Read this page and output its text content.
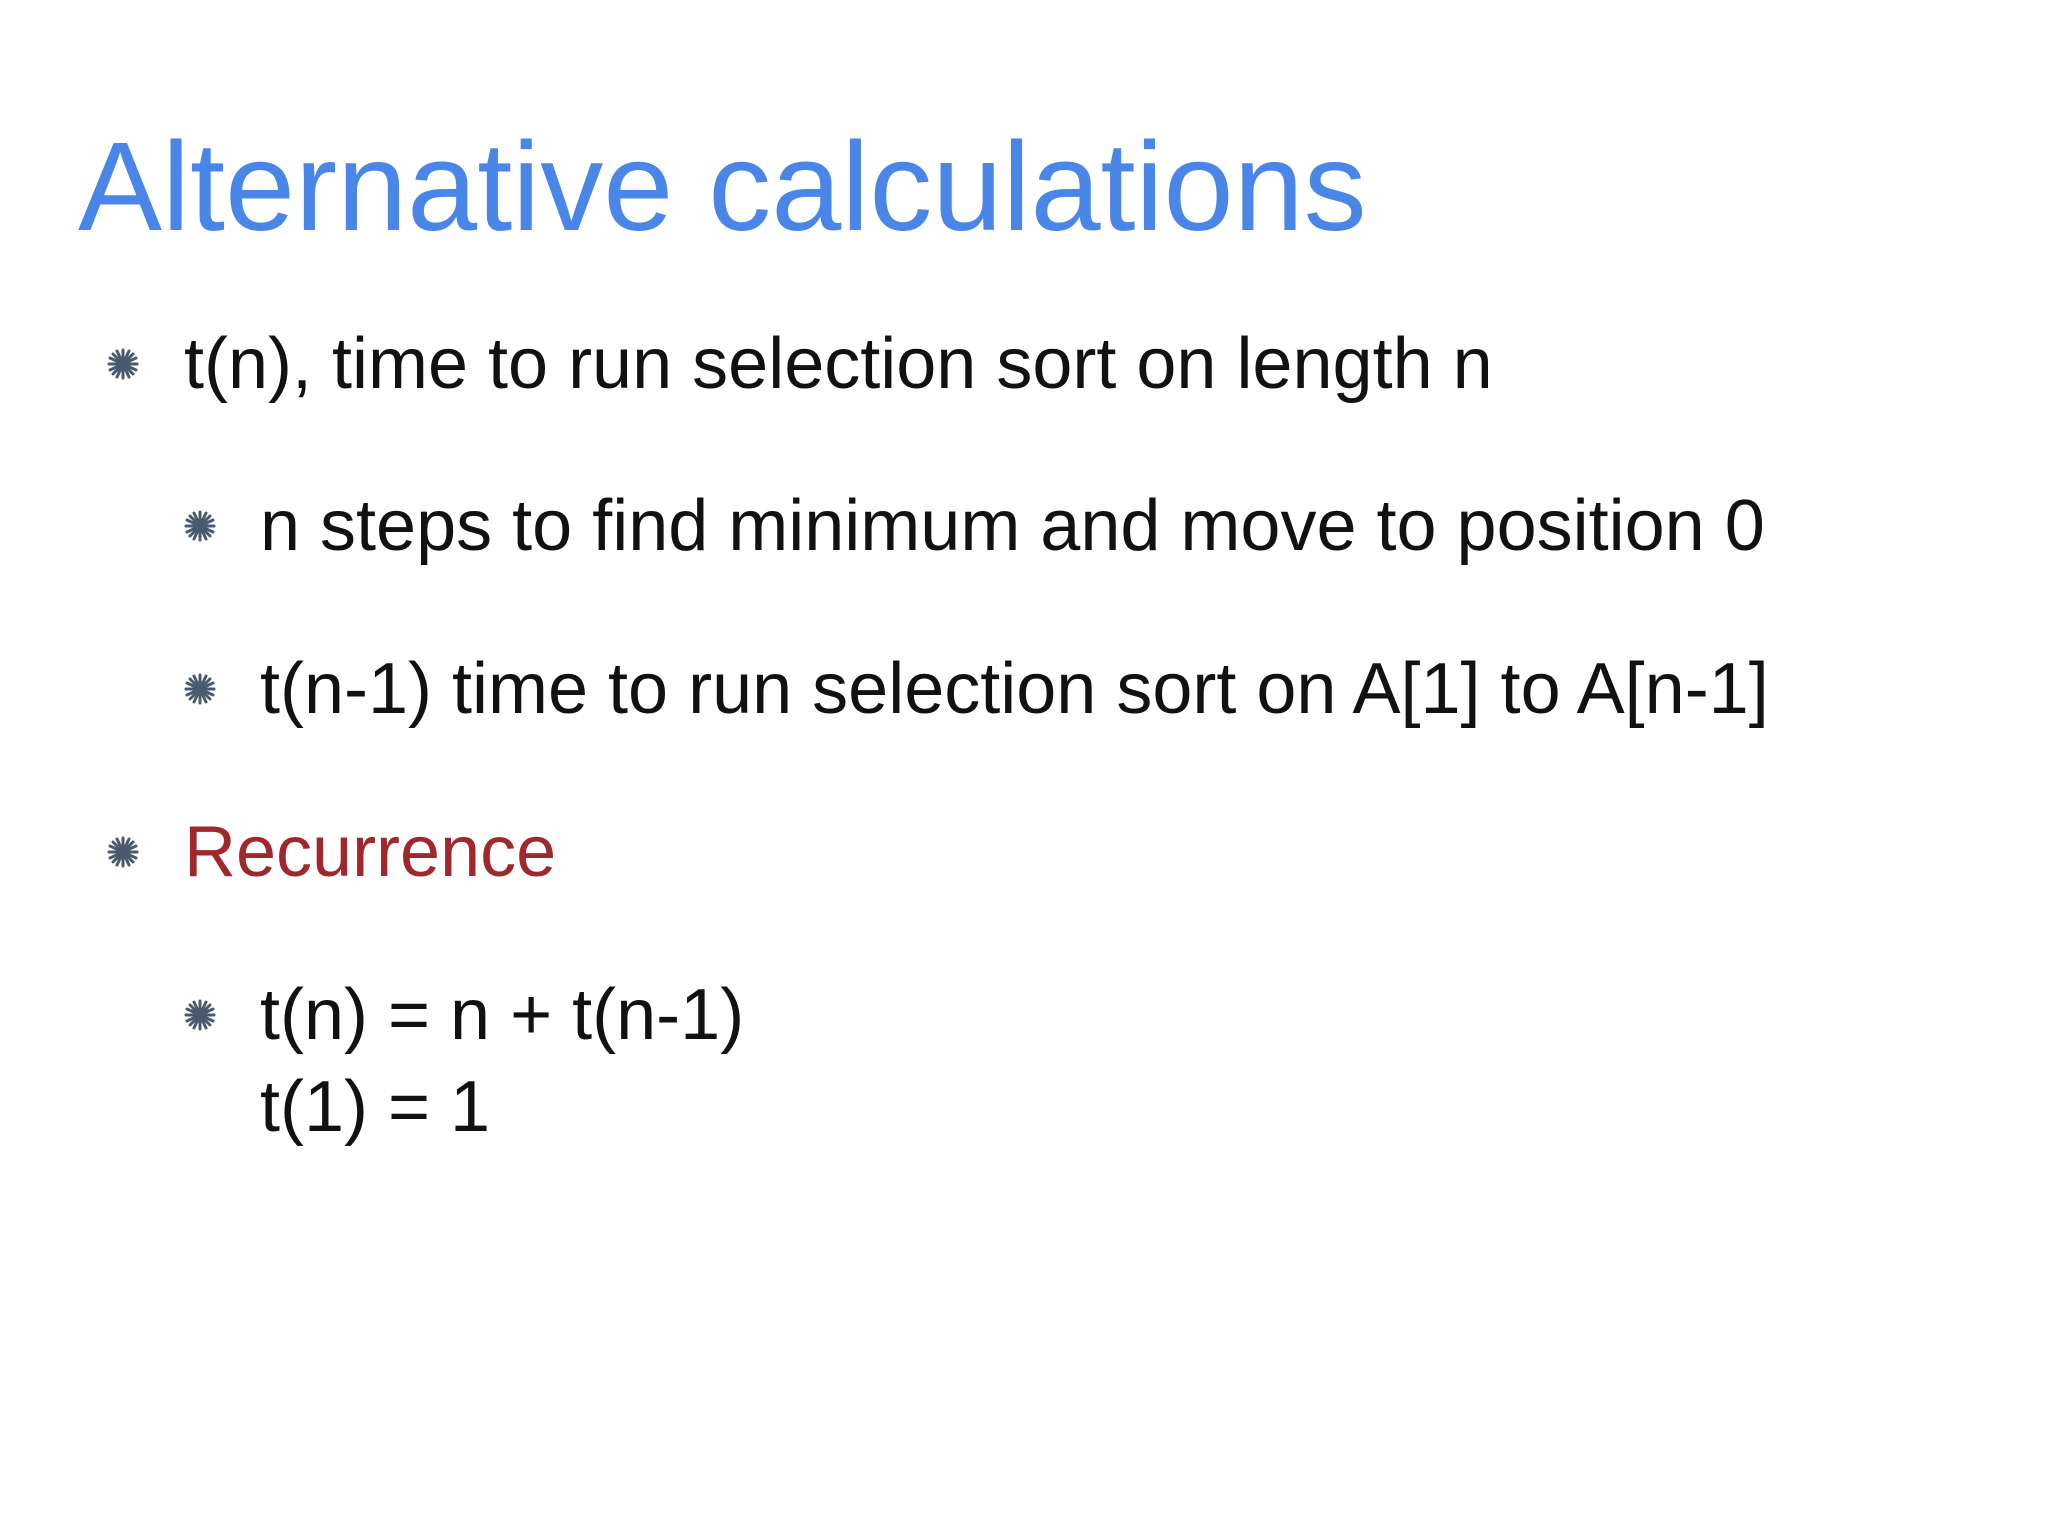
Alternative calculations
t(n), time to run selection sort on length n
n steps to find minimum and move to position 0
t(n-1) time to run selection sort on A[1] to A[n-1]
Recurrence
t(n) = n + t(n-1)
t(1) = 1
